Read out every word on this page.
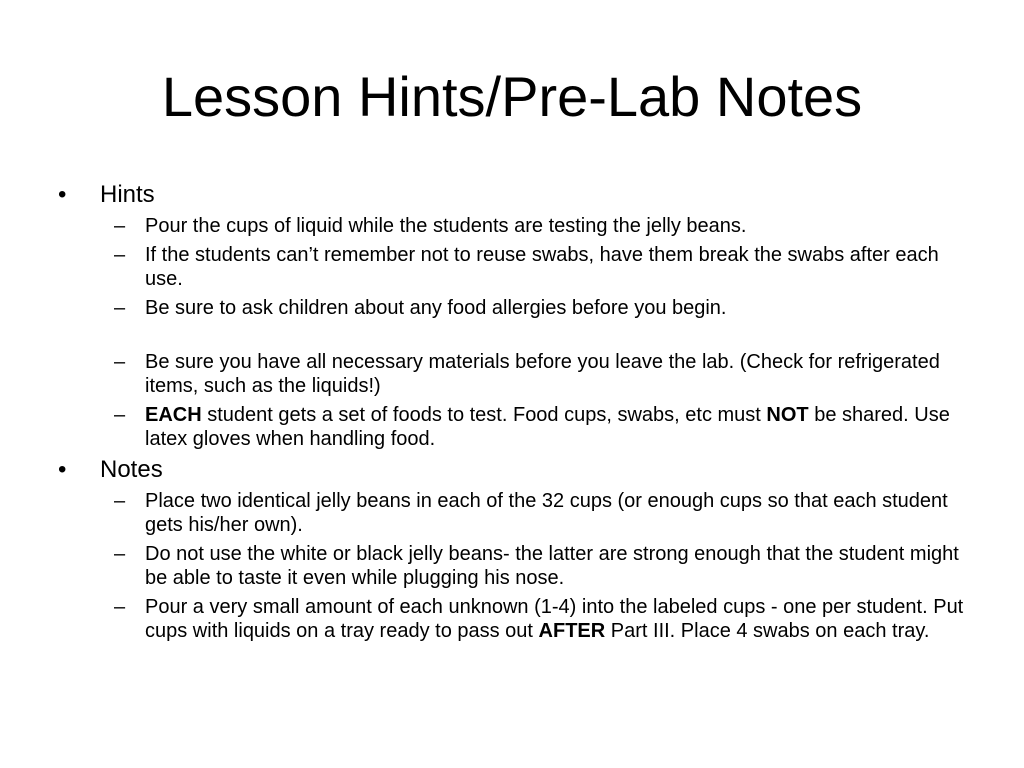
Lesson Hints/Pre-Lab Notes
•	Hints
– Pour the cups of liquid while the students are testing the jelly beans.
– If the students can’t remember not to reuse swabs, have them break the swabs after each use.
– Be sure to ask children about any food allergies before you begin.
– Be sure you have all necessary materials before you leave the lab. (Check for refrigerated items, such as the liquids!)
– EACH student gets a set of foods to test. Food cups, swabs, etc must NOT be shared. Use latex gloves when handling food.
•	Notes
– Place two identical jelly beans in each of the 32 cups (or enough cups so that each student gets his/her own).
– Do not use the white or black jelly beans- the latter are strong enough that the student might be able to taste it even while plugging his nose.
– Pour a very small amount of each unknown (1-4) into the labeled cups - one per student. Put cups with liquids on a tray ready to pass out AFTER Part III. Place 4 swabs on each tray.
